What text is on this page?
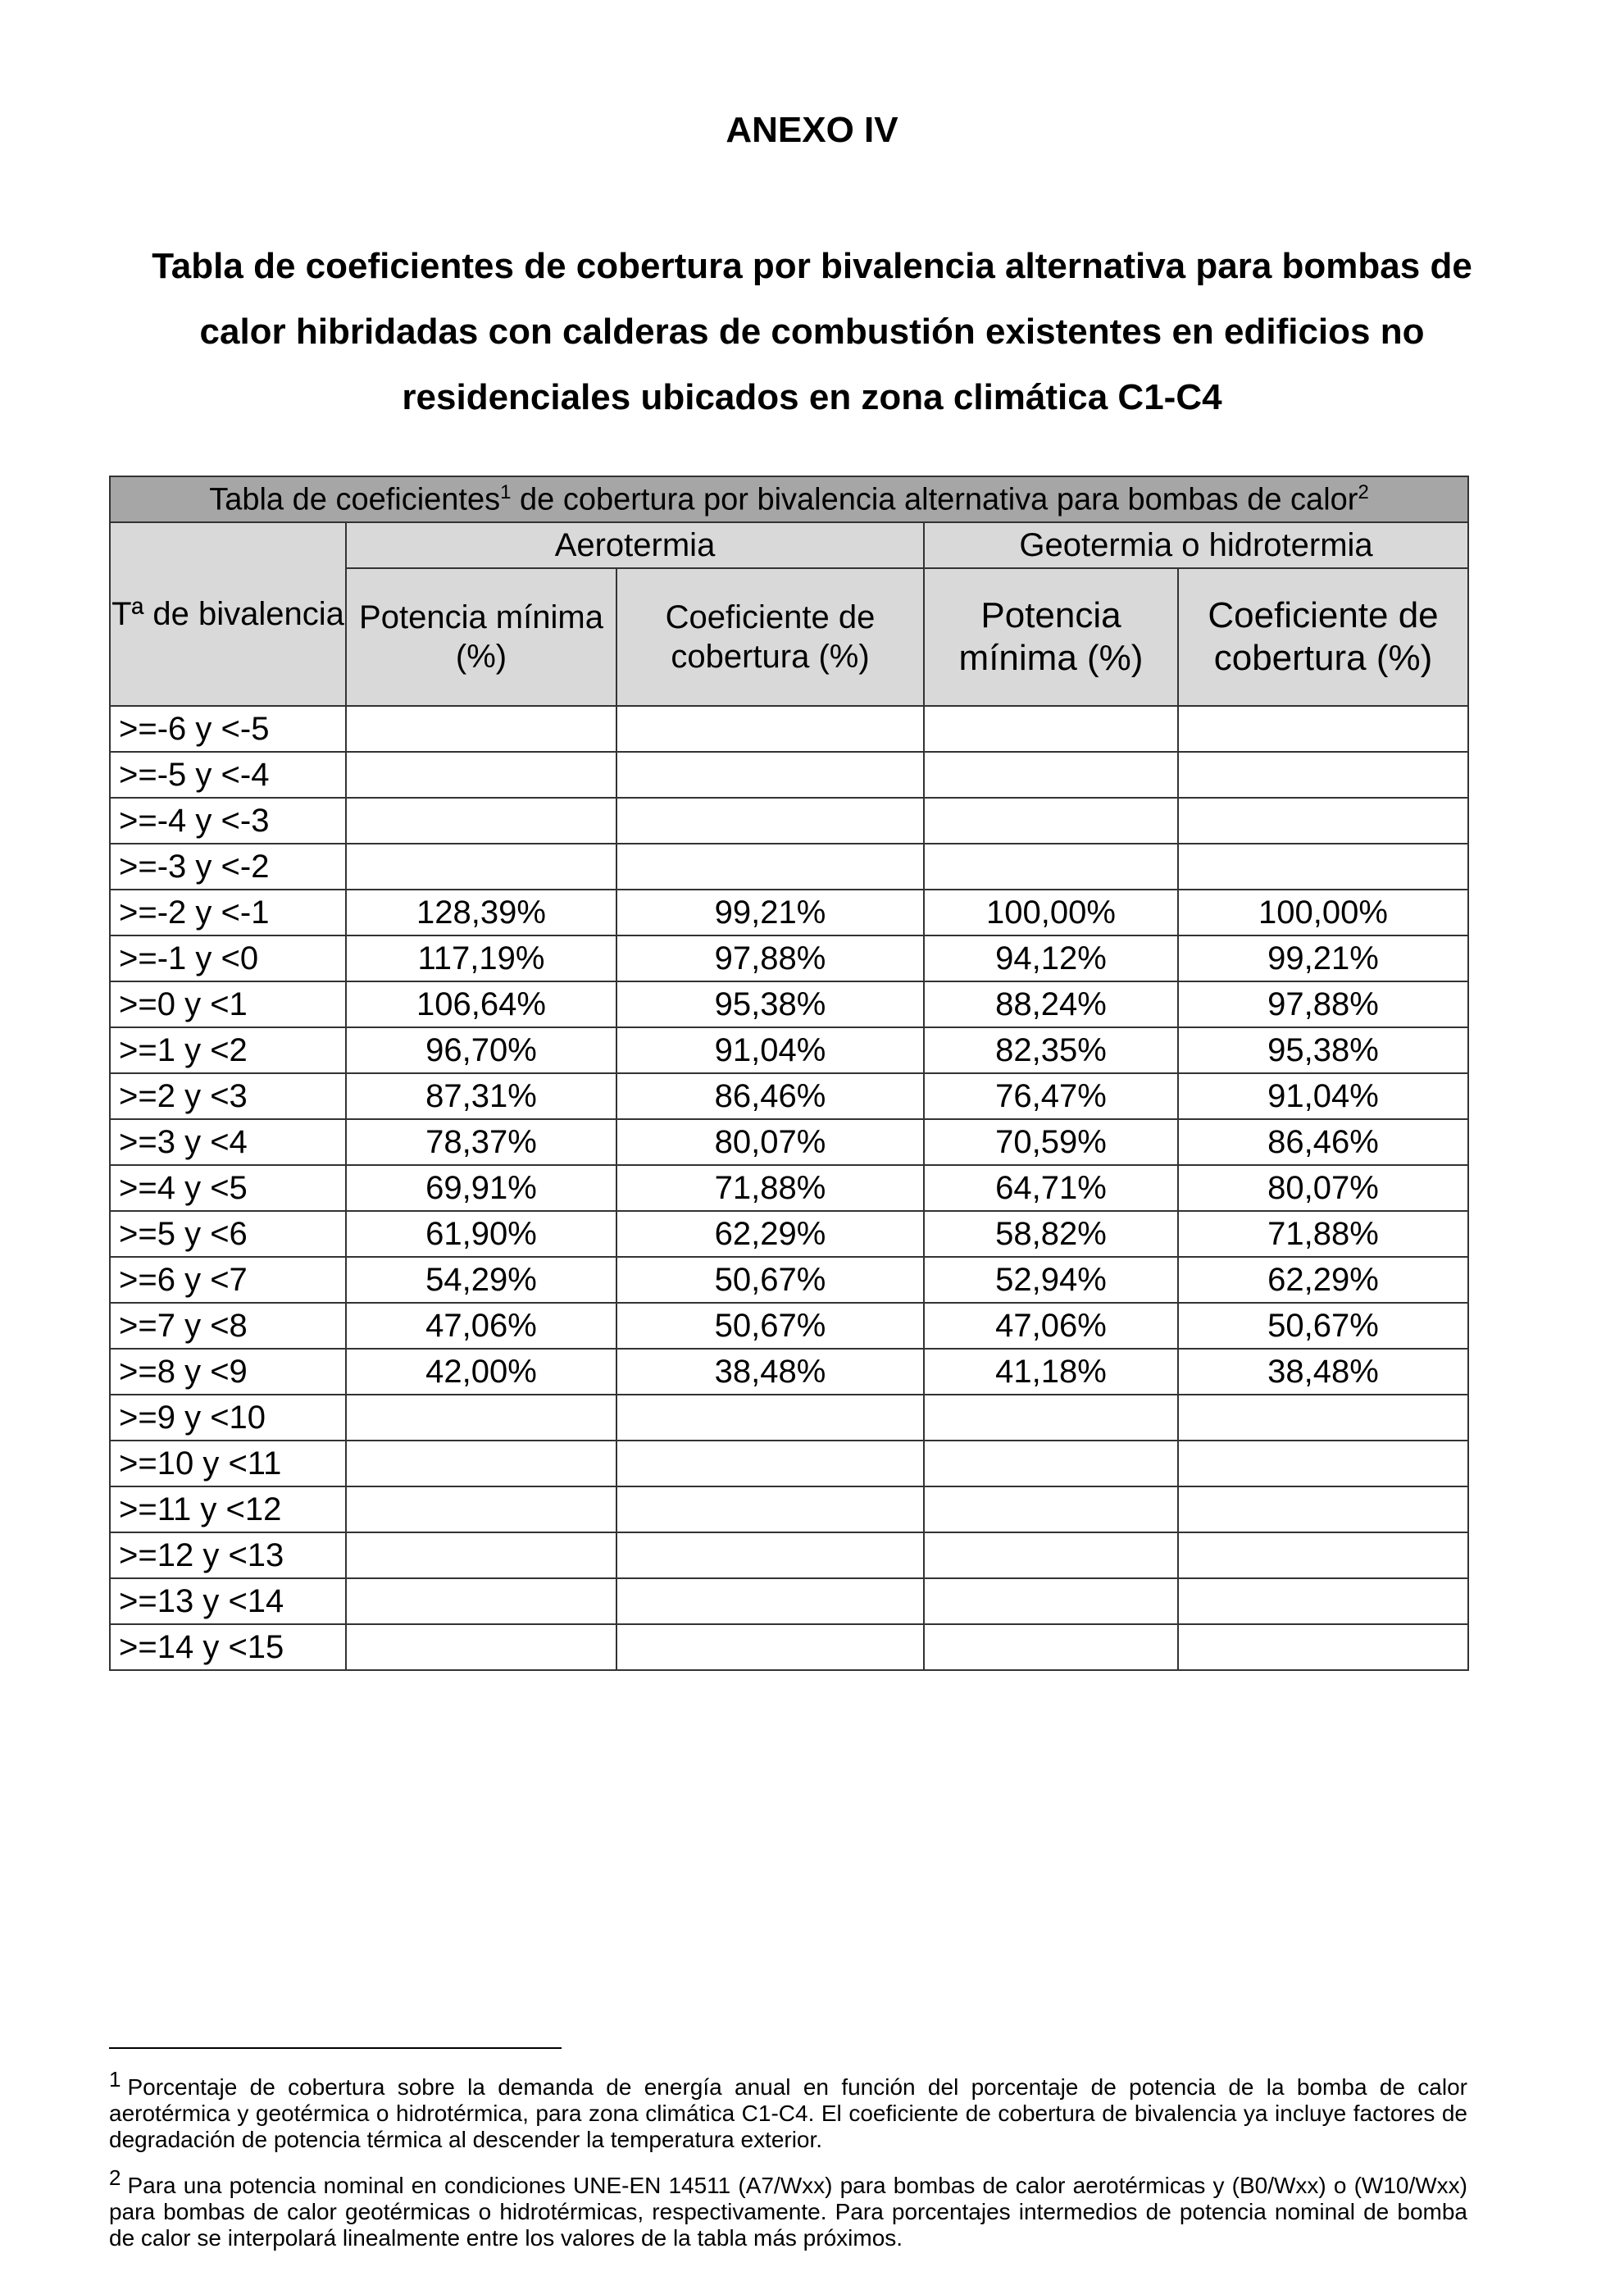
ANEXO IV
Tabla de coeficientes de cobertura por bivalencia alternativa para bombas de calor hibridadas con calderas de combustión existentes en edificios no residenciales ubicados en zona climática C1-C4
Tabla de coeficientes$^1$ de cobertura por bivalencia alternativa para bombas de calor$^2$
Tª de bivalencia	Aerotermia		Geotermia o hidrotermia	
	Potencia mínima (%)	Coeficiente de cobertura (%)	Potencia mínima (%)	Coeficiente de cobertura (%)
>=-6 y <-5				
>=-5 y <-4				
>=-4 y <-3				
>=-3 y <-2				
>=-2 y <-1	128,39%	99,21%	100,00%	100,00%
>=-1 y <0	117,19%	97,88%	94,12%	99,21%
>=0 y <1	106,64%	95,38%	88,24%	97,88%
>=1 y <2	96,70%	91,04%	82,35%	95,38%
>=2 y <3	87,31%	86,46%	76,47%	91,04%
>=3 y <4	78,37%	80,07%	70,59%	86,46%
>=4 y <5	69,91%	71,88%	64,71%	80,07%
>=5 y <6	61,90%	62,29%	58,82%	71,88%
>=6 y <7	54,29%	50,67%	52,94%	62,29%
>=7 y <8	47,06%	50,67%	47,06%	50,67%
>=8 y <9	42,00%	38,48%	41,18%	38,48%
>=9 y <10				
>=10 y <11				
>=11 y <12				
>=12 y <13				
>=13 y <14				
>=14 y <15				

$^1$ Porcentaje de cobertura sobre la demanda de energía anual en función del porcentaje de potencia de la bomba de calor aerotérmica y geotérmica o hidrotérmica, para zona climática C1-C4. El coeficiente de cobertura de bivalencia ya incluye factores de degradación de potencia térmica al descender la temperatura exterior.

$^2$ Para una potencia nominal en condiciones UNE-EN 14511 (A7/Wxx) para bombas de calor aerotérmicas y (B0/Wxx) o (W10/Wxx) para bombas de calor geotérmicas o hidrotérmicas, respectivamente. Para porcentajes intermedios de potencia nominal de bomba de calor se interpolará linealmente entre los valores de la tabla más próximos.
